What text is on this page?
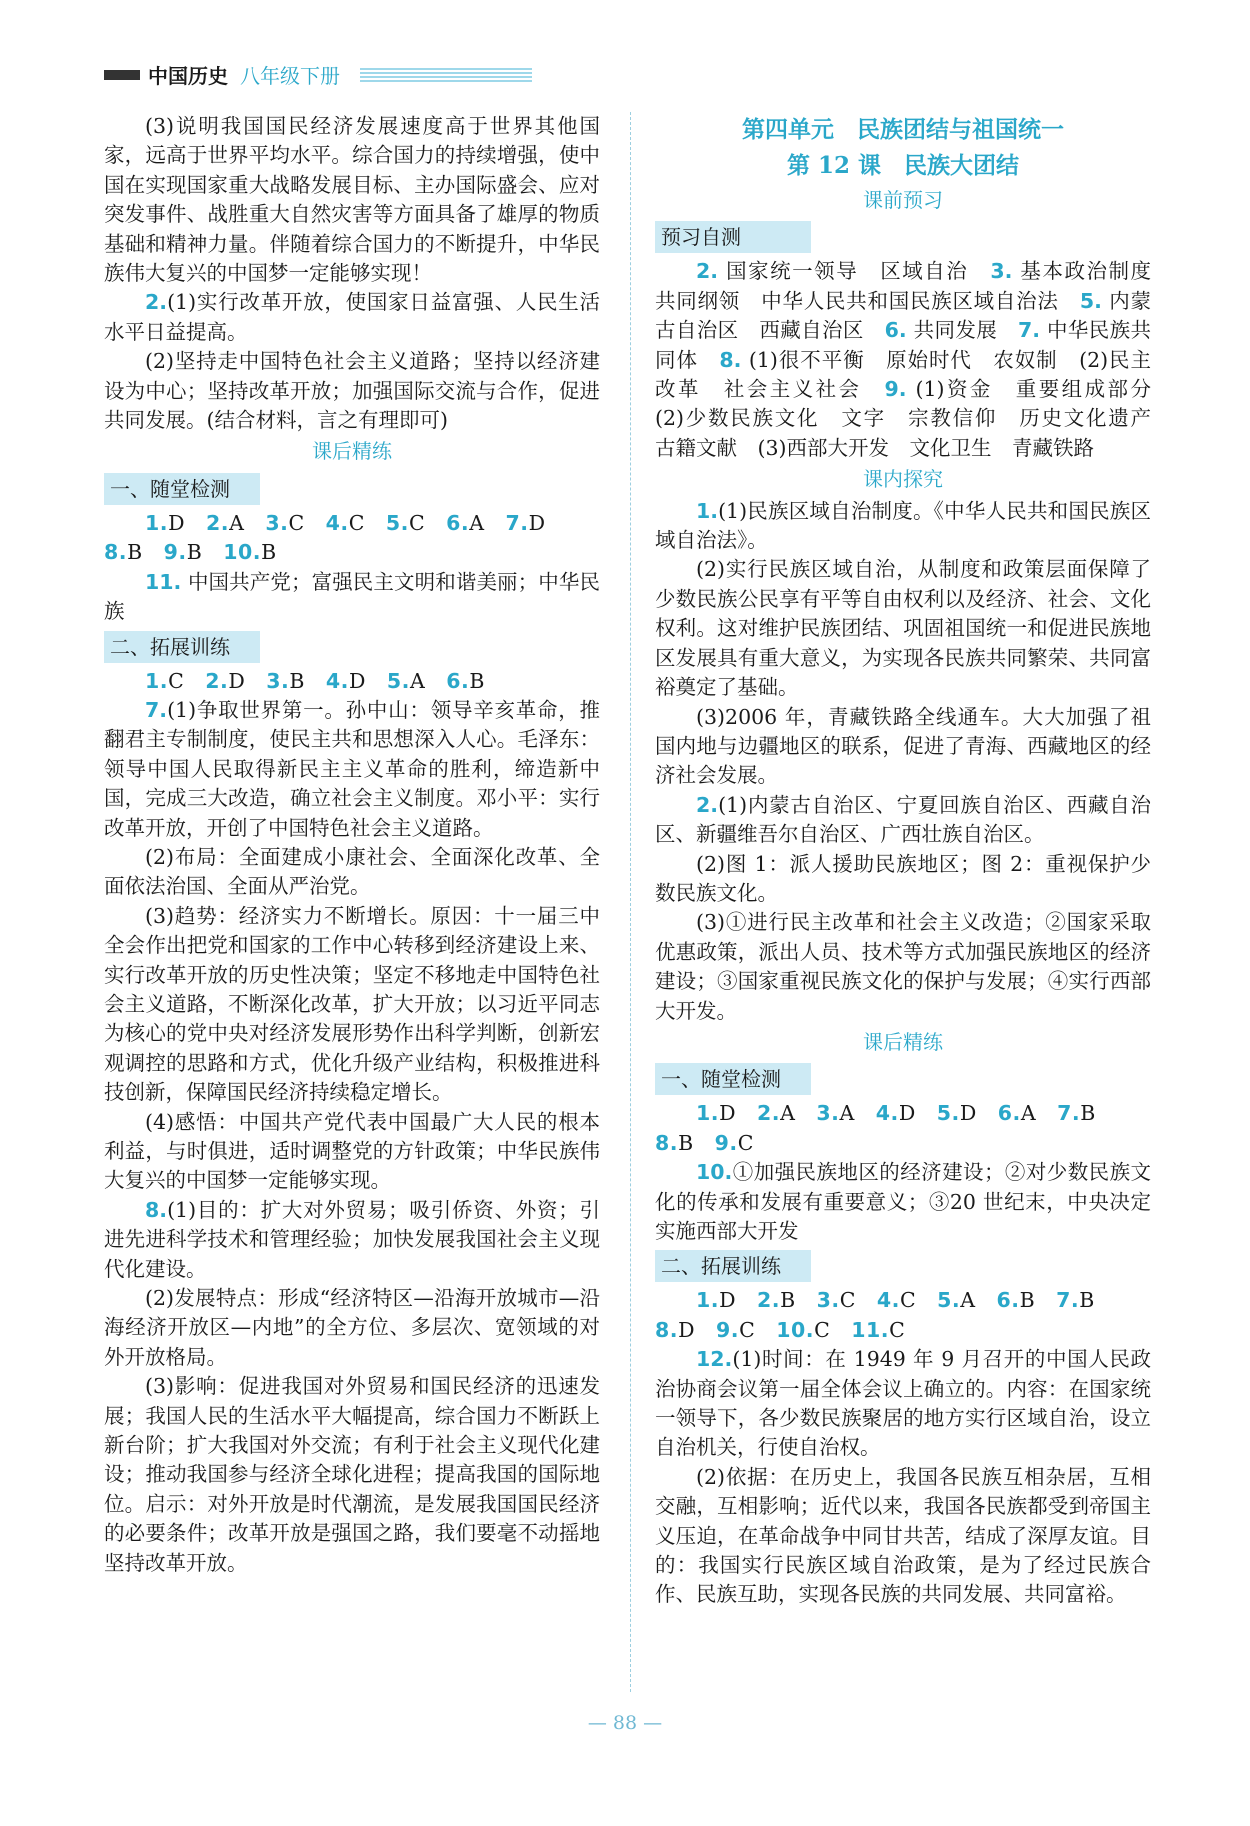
中国历史 八年级下册

(3)说明我国国民经济发展速度高于世界其他国家，远高于世界平均水平。综合国力的持续增强，使中国在实现国家重大战略发展目标、主办国际盛会、应对突发事件、战胜重大自然灾害等方面具备了雄厚的物质基础和精神力量。伴随着综合国力的不断提升，中华民族伟大复兴的中国梦一定能够实现！

2.(1)实行改革开放，使国家日益富强、人民生活水平日益提高。

(2)坚持走中国特色社会主义道路；坚持以经济建设为中心；坚持改革开放；加强国际交流与合作，促进共同发展。(结合材料，言之有理即可)

课后精练
一、随堂检测

1.D  2.A  3.C  4.C  5.C  6.A  7.D 

8.B  9.B  10.B 

11. 中国共产党；富强民主文明和谐美丽；中华民族

二、拓展训练

1.C  2.D  3.B  4.D  5.A  6.B 

7.(1)争取世界第一。孙中山：领导辛亥革命，推翻君主专制制度，使民主共和思想深入人心。毛泽东：领导中国人民取得新民主主义革命的胜利，缔造新中国，完成三大改造，确立社会主义制度。邓小平：实行改革开放，开创了中国特色社会主义道路。

(2)布局：全面建成小康社会、全面深化改革、全面依法治国、全面从严治党。

(3)趋势：经济实力不断增长。原因：十一届三中全会作出把党和国家的工作中心转移到经济建设上来、实行改革开放的历史性决策；坚定不移地走中国特色社会主义道路，不断深化改革，扩大开放；以习近平同志为核心的党中央对经济发展形势作出科学判断，创新宏观调控的思路和方式，优化升级产业结构，积极推进科技创新，保障国民经济持续稳定增长。

(4)感悟：中国共产党代表中国最广大人民的根本利益，与时俱进，适时调整党的方针政策；中华民族伟大复兴的中国梦一定能够实现。

8.(1)目的：扩大对外贸易；吸引侨资、外资；引进先进科学技术和管理经验；加快发展我国社会主义现代化建设。

(2)发展特点：形成“经济特区—沿海开放城市—沿海经济开放区—内地”的全方位、多层次、宽领域的对外开放格局。

(3)影响：促进我国对外贸易和国民经济的迅速发展；我国人民的生活水平大幅提高，综合国力不断跃上新台阶；扩大我国对外交流；有利于社会主义现代化建设；推动我国参与经济全球化进程；提高我国的国际地位。启示：对外开放是时代潮流，是发展我国国民经济的必要条件；改革开放是强国之路，我们要毫不动摇地坚持改革开放。

第四单元　民族团结与祖国统一

第 12 课　民族大团结

课前预习
预习自测

2. 国家统一领导　区域自治　3. 基本政治制度　共同纲领　中华人民共和国民族区域自治法　5. 内蒙古自治区　西藏自治区　6. 共同发展　7. 中华民族共同体　8. (1)很不平衡　原始时代　农奴制　(2)民主改革　社会主义社会　9. (1)资金　重要组成部分　(2)少数民族文化　文字　宗教信仰　历史文化遗产　古籍文献　(3)西部大开发　文化卫生　青藏铁路

课内探究

1.(1)民族区域自治制度。《中华人民共和国民族区域自治法》。

(2)实行民族区域自治，从制度和政策层面保障了少数民族公民享有平等自由权利以及经济、社会、文化权利。这对维护民族团结、巩固祖国统一和促进民族地区发展具有重大意义，为实现各民族共同繁荣、共同富裕奠定了基础。

(3)2006 年，青藏铁路全线通车。大大加强了祖国内地与边疆地区的联系，促进了青海、西藏地区的经济社会发展。

2.(1)内蒙古自治区、宁夏回族自治区、西藏自治区、新疆维吾尔自治区、广西壮族自治区。

(2)图 1：派人援助民族地区；图 2：重视保护少数民族文化。

(3)①进行民主改革和社会主义改造；②国家采取优惠政策，派出人员、技术等方式加强民族地区的经济建设；③国家重视民族文化的保护与发展；④实行西部大开发。

课后精练
一、随堂检测

1.D  2.A  3.A  4.D  5.D  6.A  7.B 

8.B  9.C 

10.①加强民族地区的经济建设；②对少数民族文化的传承和发展有重要意义；③20 世纪末，中央决定实施西部大开发

二、拓展训练

1.D  2.B  3.C  4.C  5.A  6.B  7.B 

8.D  9.C  10.C  11.C 

12.(1)时间：在 1949 年 9 月召开的中国人民政治协商会议第一届全体会议上确立的。内容：在国家统一领导下，各少数民族聚居的地方实行区域自治，设立自治机关，行使自治权。

(2)依据：在历史上，我国各民族互相杂居，互相交融，互相影响；近代以来，我国各民族都受到帝国主义压迫，在革命战争中同甘共苦，结成了深厚友谊。目的：我国实行民族区域自治政策，是为了经过民族合作、民族互助，实现各民族的共同发展、共同富裕。

— 88 —
